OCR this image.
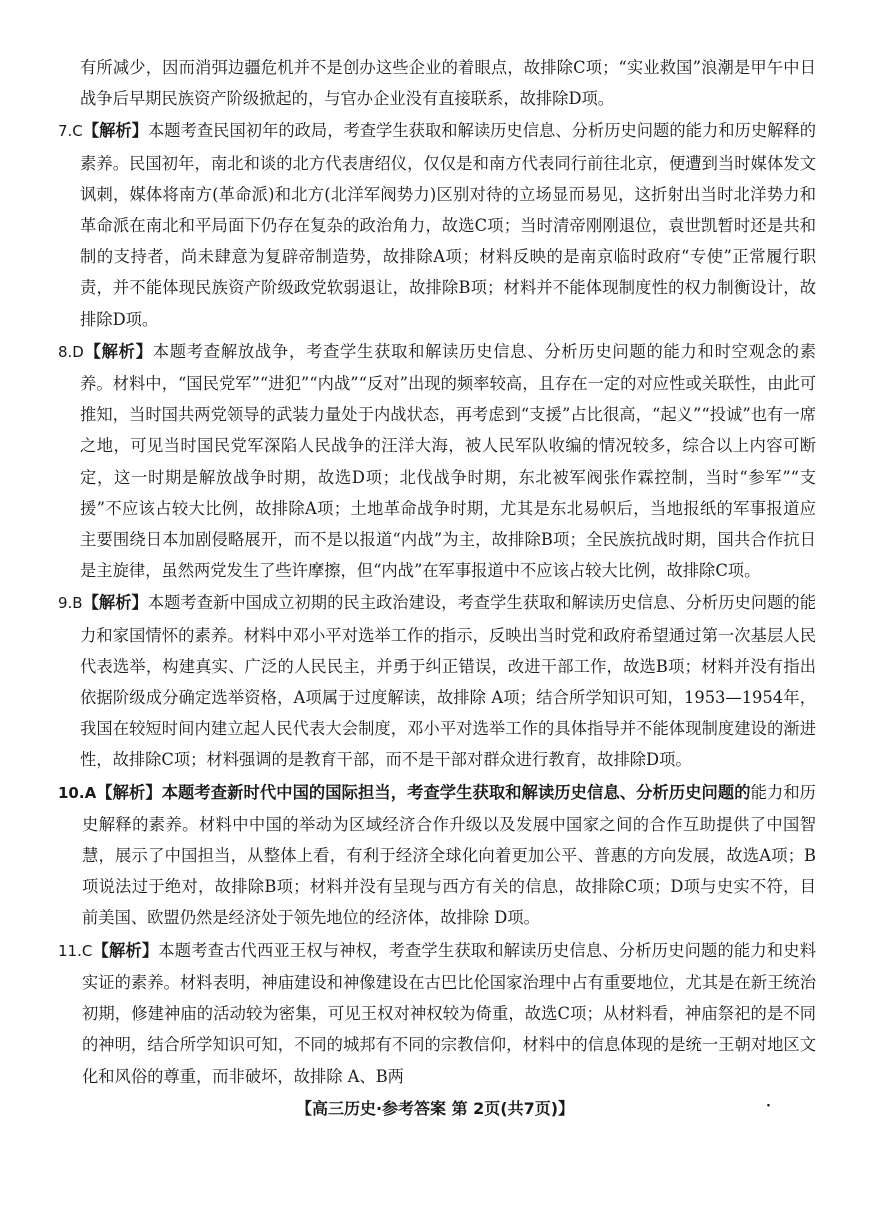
有所减少，因而消弭边疆危机并不是创办这些企业的着眼点，故排除C项；“实业救国”浪潮是甲午中日战争后早期民族资产阶级掀起的，与官办企业没有直接联系，故排除D项。

7.C【解析】本题考查民国初年的政局，考查学生获取和解读历史信息、分析历史问题的能力和历史解释的素养。民国初年，南北和谈的北方代表唐绍仪，仅仅是和南方代表同行前往北京，便遭到当时媒体发文讽刺，媒体将南方(革命派)和北方(北洋军阀势力)区别对待的立场显而易见，这折射出当时北洋势力和革命派在南北和平局面下仍存在复杂的政治角力，故选C项；当时清帝刚刚退位，袁世凯暂时还是共和制的支持者，尚未肆意为复辟帝制造势，故排除A项；材料反映的是南京临时政府“专使”正常履行职责，并不能体现民族资产阶级政党软弱退让，故排除B项；材料并不能体现制度性的权力制衡设计，故排除D项。

8.D【解析】本题考查解放战争，考查学生获取和解读历史信息、分析历史问题的能力和时空观念的素养。材料中，“国民党军”“进犯”“内战”“反对”出现的频率较高，且存在一定的对应性或关联性，由此可推知，当时国共两党领导的武装力量处于内战状态，再考虑到“支援”占比很高，“起义”“投诚”也有一席之地，可见当时国民党军深陷人民战争的汪洋大海，被人民军队收编的情况较多，综合以上内容可断定，这一时期是解放战争时期，故选D项；北伐战争时期，东北被军阀张作霖控制，当时“参军”“支援”不应该占较大比例，故排除A项；土地革命战争时期，尤其是东北易帜后，当地报纸的军事报道应主要围绕日本加剧侵略展开，而不是以报道“内战”为主，故排除B项；全民族抗战时期，国共合作抗日是主旋律，虽然两党发生了些许摩擦，但“内战”在军事报道中不应该占较大比例，故排除C项。

9.B【解析】本题考查新中国成立初期的民主政治建设，考查学生获取和解读历史信息、分析历史问题的能力和家国情怀的素养。材料中邓小平对选举工作的指示，反映出当时党和政府希望通过第一次基层人民代表选举，构建真实、广泛的人民民主，并勇于纠正错误，改进干部工作，故选B项；材料并没有指出依据阶级成分确定选举资格，A项属于过度解读，故排除 A项；结合所学知识可知，1953—1954年，我国在较短时间内建立起人民代表大会制度，邓小平对选举工作的具体指导并不能体现制度建设的渐进性，故排除C项；材料强调的是教育干部，而不是干部对群众进行教育，故排除D项。

10.A【解析】本题考查新时代中国的国际担当，考查学生获取和解读历史信息、分析历史问题的能力和历史解释的素养。材料中中国的举动为区域经济合作升级以及发展中国家之间的合作互助提供了中国智慧，展示了中国担当，从整体上看，有利于经济全球化向着更加公平、普惠的方向发展，故选A项；B项说法过于绝对，故排除B项；材料并没有呈现与西方有关的信息，故排除C项；D项与史实不符，目前美国、欧盟仍然是经济处于领先地位的经济体，故排除 D项。

11.C【解析】本题考查古代西亚王权与神权，考查学生获取和解读历史信息、分析历史问题的能力和史料实证的素养。材料表明，神庙建设和神像建设在古巴比伦国家治理中占有重要地位，尤其是在新王统治初期，修建神庙的活动较为密集，可见王权对神权较为倚重，故选C项；从材料看，神庙祭祀的是不同的神明，结合所学知识可知，不同的城邦有不同的宗教信仰，材料中的信息体现的是统一王朝对地区文化和风俗的尊重，而非破坏，故排除 A、B两

【高三历史·参考答案 第 2页(共7页)】	·
